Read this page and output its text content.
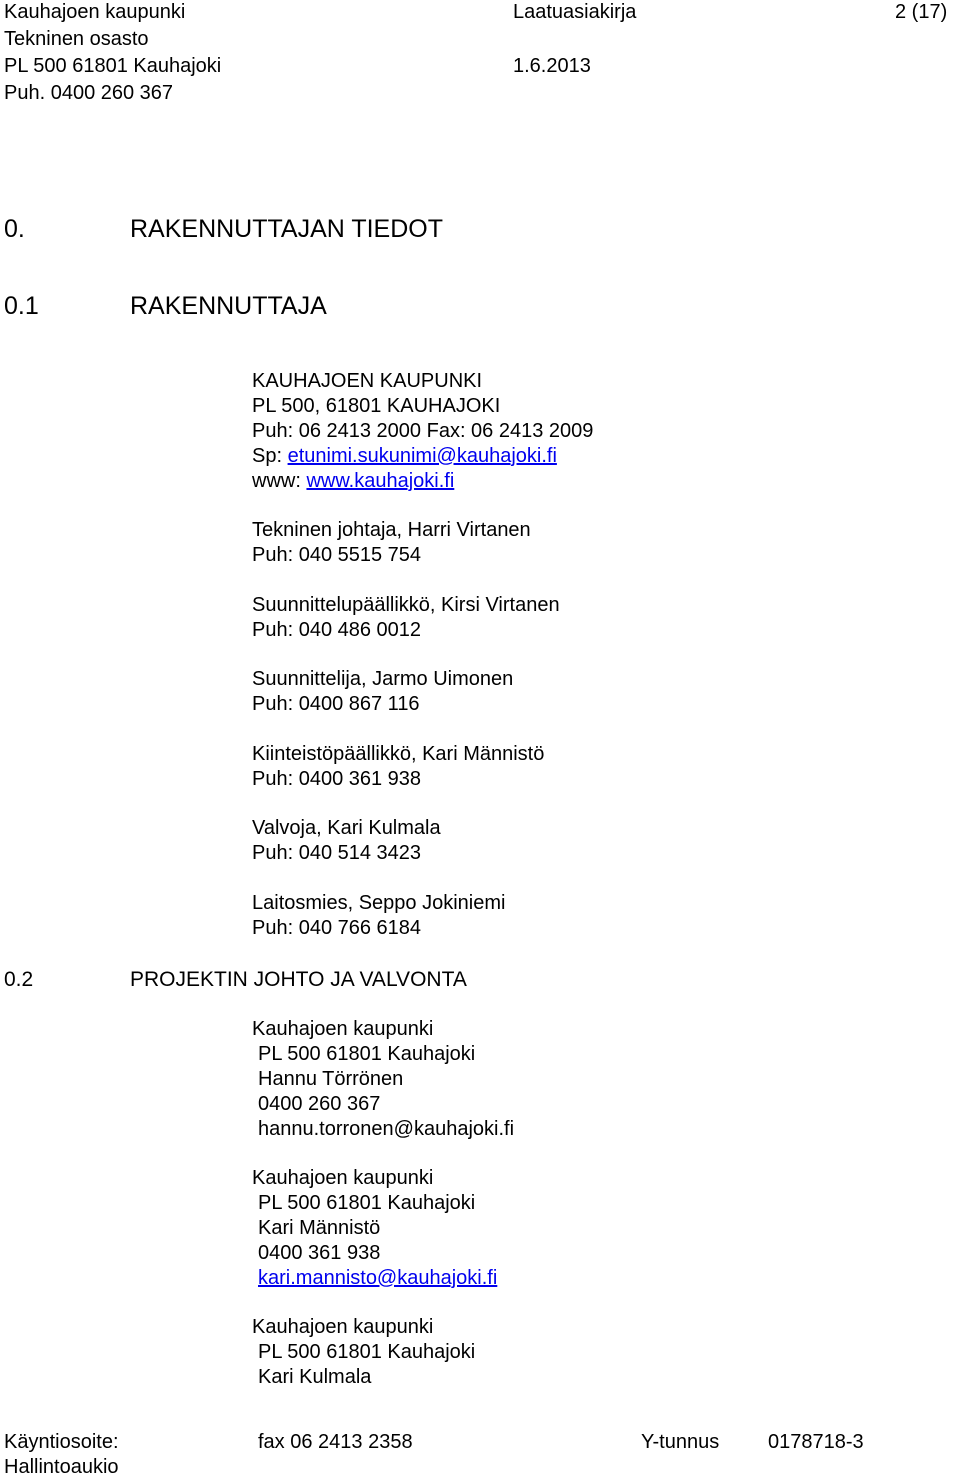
Kauhajoen kaupunki
Tekninen osasto
PL 500 61801 Kauhajoki
Puh. 0400 260 367
Laatuasiakirja
1.6.2013
2 (17)
0.	RAKENNUTTAJAN TIEDOT
0.1	RAKENNUTTAJA
KAUHAJOEN KAUPUNKI
PL 500, 61801 KAUHAJOKI
Puh: 06 2413 2000 Fax: 06 2413 2009
Sp: etunimi.sukunimi@kauhajoki.fi
www: www.kauhajoki.fi
Tekninen johtaja, Harri Virtanen
Puh: 040 5515 754
Suunnittelupäällikkö, Kirsi Virtanen
Puh: 040 486 0012
Suunnittelija, Jarmo Uimonen
Puh: 0400 867 116
Kiinteistöpäällikkö, Kari Männistö
Puh: 0400 361 938
Valvoja, Kari Kulmala
Puh: 040 514 3423
Laitosmies, Seppo Jokiniemi
Puh: 040 766 6184
0.2	PROJEKTIN JOHTO JA VALVONTA
Kauhajoen kaupunki
PL 500 61801 Kauhajoki
Hannu Törrönen
0400 260 367
hannu.torronen@kauhajoki.fi
Kauhajoen kaupunki
PL 500 61801 Kauhajoki
Kari Männistö
0400 361 938
kari.mannisto@kauhajoki.fi
Kauhajoen kaupunki
PL 500 61801 Kauhajoki
Kari Kulmala
Käyntiosoite:
Hallintoaukio
fax 06 2413 2358	Y-tunnus 0178718-3
